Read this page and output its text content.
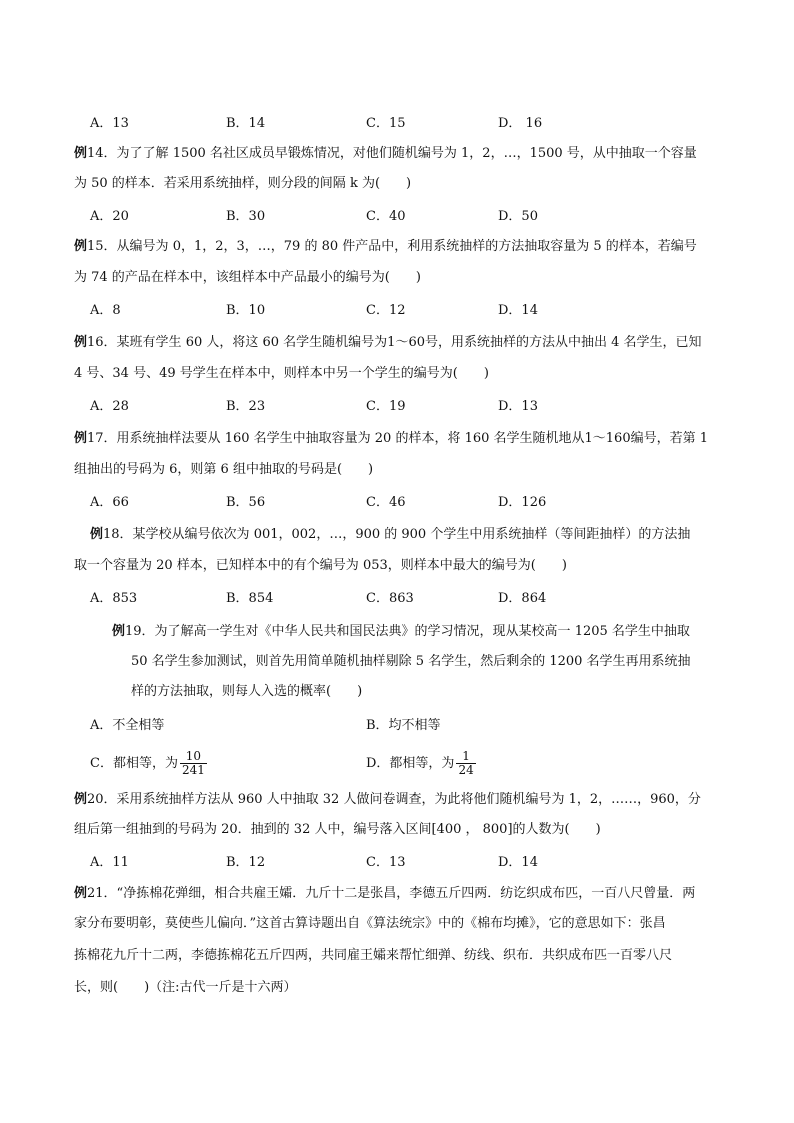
A．13	B．14	C．15	D． 16
例14．为了了解 1500 名社区成员早锻炼情况，对他们随机编号为 1，2，…，1500 号，从中抽取一个容量
为 50 的样本．若采用系统抽样，则分段的间隔 k 为(　　)
A．20	B．30	C．40	D．50
例15．从编号为 0，1，2，3，…，79 的 80 件产品中，利用系统抽样的方法抽取容量为 5 的样本，若编号
为 74 的产品在样本中，该组样本中产品最小的编号为(　　)
A．8	B．10	C．12	D．14
例16．某班有学生 60 人，将这 60 名学生随机编号为1～60号，用系统抽样的方法从中抽出 4 名学生，已知
4 号、34 号、49 号学生在样本中，则样本中另一个学生的编号为(　　)
A．28	B．23	C．19	D．13
例17．用系统抽样法要从 160 名学生中抽取容量为 20 的样本，将 160 名学生随机地从1～160编号，若第 1
组抽出的号码为 6，则第 6 组中抽取的号码是(　　)
A．66	B．56	C．46	D．126
例18．某学校从编号依次为 001，002，…，900 的 900 个学生中用系统抽样（等间距抽样）的方法抽
取一个容量为 20 样本，已知样本中的有个编号为 053，则样本中最大的编号为(　　)
A．853	B．854	C．863	D．864
例19．为了解高一学生对《中华人民共和国民法典》的学习情况，现从某校高一 1205 名学生中抽取
50 名学生参加测试，则首先用简单随机抽样剔除 5 名学生，然后剩余的 1200 名学生再用系统抽
样的方法抽取，则每人入选的概率(　　)
A．不全相等	B．均不相等
C．都相等，为 $\frac{10}{241}$	D．都相等，为 $\frac{1}{24}$
例20．采用系统抽样方法从 960 人中抽取 32 人做问卷调查，为此将他们随机编号为 1，2，……，960，分
组后第一组抽到的号码为 20．抽到的 32 人中，编号落入区间[400 ， 800]的人数为(　　)
A．11	B．12	C．13	D．14
例21．“净拣棉花弹细，相合共雇王孀．九斤十二是张昌，李德五斤四两．纺讫织成布匹，一百八尺曾量．两
家分布要明彰，莫使些儿偏向．”这首古算诗题出自《算法统宗》中的《棉布均摊》，它的意思如下：张昌
拣棉花九斤十二两，李德拣棉花五斤四两，共同雇王孀来帮忙细弹、纺线、织布．共织成布匹一百零八尺
长，则(　　)（注:古代一斤是十六两）
